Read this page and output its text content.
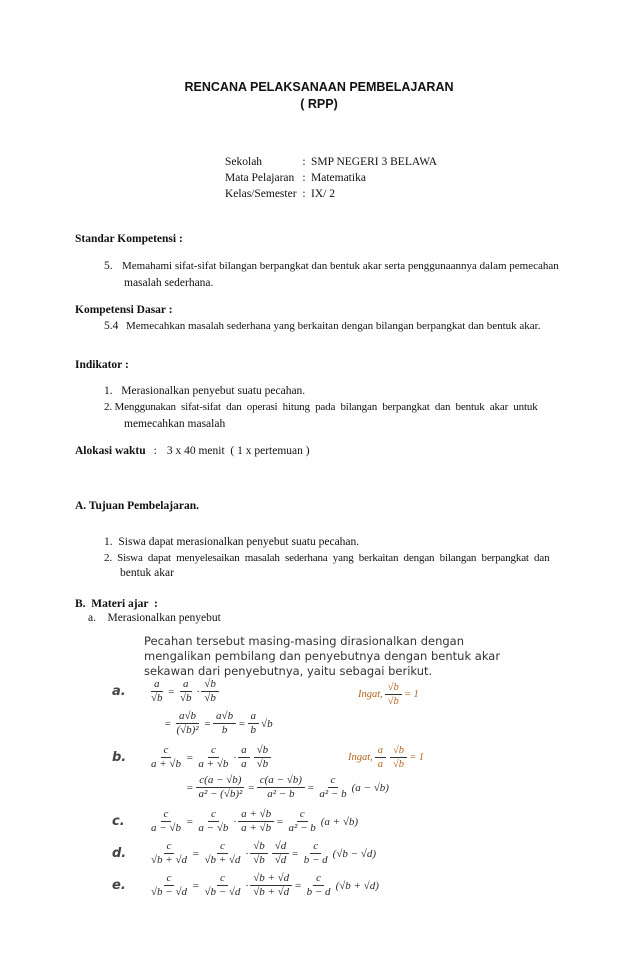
RENCANA PELAKSANAAN PEMBELAJARAN
( RPP)
Sekolah	: SMP NEGERI 3 BELAWA
Mata Pelajaran : Matematika
Kelas/Semester : IX/ 2
Standar Kompetensi :
5. Memahami sifat-sifat bilangan berpangkat dan bentuk akar serta penggunaannya dalam pemecahan
masalah sederhana.
Kompetensi Dasar :
5.4 Memecahkan masalah sederhana yang berkaitan dengan bilangan berpangkat dan bentuk akar.
Indikator :
1.   Merasionalkan penyebut suatu pecahan.
2. Menggunakan  sifat-sifat  dan  operasi  hitung  pada  bilangan  berpangkat  dan  bentuk  akar  untuk
memecahkan masalah
Alokasi waktu : 3 x 40 menit  ( 1 x pertemuan )
A. Tujuan Pembelajaran.
1.  Siswa dapat merasionalkan penyebut suatu pecahan.
2.  Siswa  dapat  menyelesaikan  masalah  sederhana  yang  berkaitan  dengan  bilangan  berpangkat  dan
bentuk akar
B.  Materi ajar  :
a.    Merasionalkan penyebut
Pecahan tersebut masing-masing dirasionalkan dengan
mengalikan pembilang dan penyebutnya dengan bentuk akar
sekawan dari penyebutnya, yaitu sebagai berikut.
a.	$\frac{a}{√b} = \frac{a}{√b} \cdot \frac{√b}{√b}$	Ingat, $\frac{√b}{√b} = 1$
= $\frac{a√b}{\text{(√b)²}} = \frac{a√b}{b} = \frac{a}{b} √b$
b.	$\frac{c}{a + √b} = \frac{c}{a + √b} \cdot \frac{a}{a} \frac{√b}{√b}$	Ingat, $\frac{a}{a} \frac{√b}{√b} = 1$
= $\frac{c(a - √b)}{\text{a² − (√b)²}} = \frac{c(a - √b)}{\text{a² − b}} = \frac{c}{\text{a² − b}} (a - √b)$
c.	$\frac{c}{a - √b} = \frac{c}{a - √b} \cdot \frac{a + √b}{a + √b} = \frac{c}{\text{a² − b}} (a + √b)$
d.	$\frac{c}{√b + √d} = \frac{c}{√b + √d} \cdot \frac{√b}{√b} \frac{√d}{√d} = \frac{c}{b - d} (√b - √d)$
e.	$\frac{c}{√b - √d} = \frac{c}{√b - √d} \cdot \frac{√b + √d}{√b + √d} = \frac{c}{b - d} (√b + √d)$
